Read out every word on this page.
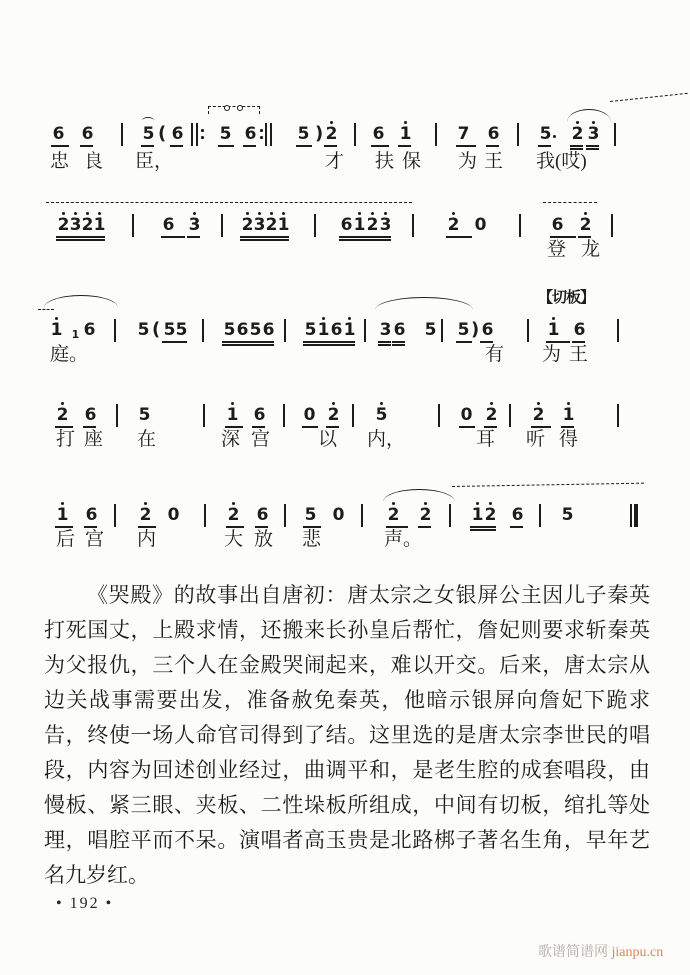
6 6	5 ( 6 5 6 5 ) 2 6 1	7 6 5 2 3
忠 良 臣，	才 扶 保 为 王 我(哎)
2 3 2 1	6 3 2 3 2 1	6 1 2 3	2 0	6 2
登 龙
1 1 6 5 ( 5 5 5 6 5 6 5 1 6 1 3 6 5 5 ) 6	1 6
【切板】
庭。	有 为 王
2 6 5	1 6 0 2 5	0 2 2 1
打 座 在	深 宫	以 内，	耳 听 得
1 6 2 0	2 6 5 0	2 2 1 2 6 5
后 宫 内	大 放 悲	声。
《哭殿》的故事出自唐初：唐太宗之女银屏公主因儿子秦英
打死国丈，上殿求情，还搬来长孙皇后帮忙，詹妃则要求斩秦英
为父报仇，三个人在金殿哭闹起来，难以开交。后来，唐太宗从
边关战事需要出发，准备赦免秦英，他暗示银屏向詹妃下跪求
告，终使一场人命官司得到了结。这里选的是唐太宗李世民的唱
段，内容为回述创业经过，曲调平和，是老生腔的成套唱段，由
慢板、紧三眼、夹板、二性垛板所组成，中间有切板，绾扎等处
理，唱腔平而不呆。演唱者高玉贵是北路梆子著名生角，早年艺
名九岁红。
• 192 •
歌谱简谱网 jianpu.cn
